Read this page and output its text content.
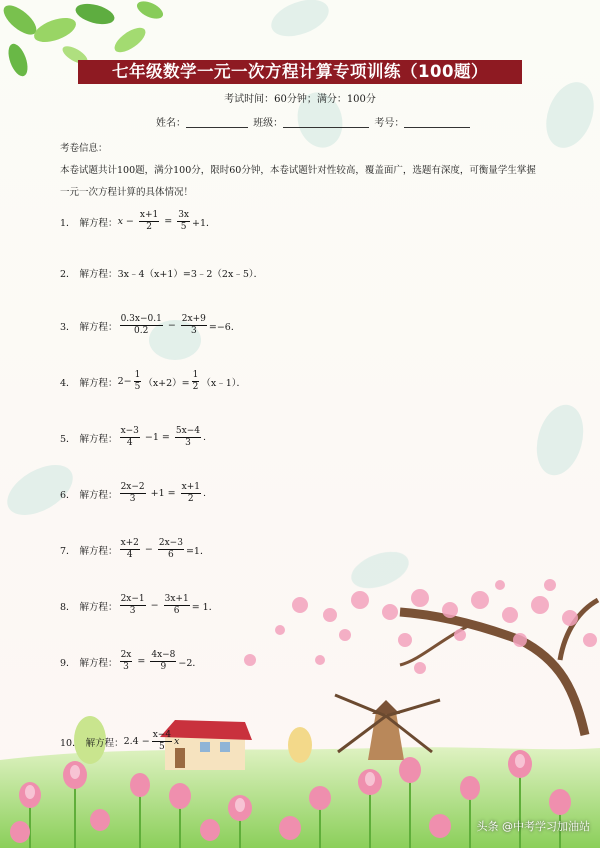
七年级数学一元一次方程计算专项训练（100题）
考试时间：60分钟；满分：100分
姓名：	班级：	考号：
考卷信息：
本卷试题共计100题，满分100分，限时60分钟，本卷试题针对性较高，覆盖面广，选题有深度，可衡量学生掌握一元一次方程计算的具体情况！
1． 解方程： $x - \frac{x+1}{2} = \frac{3x}{5} +1$．
2． 解方程： 3x﹣4（x+1）=3﹣2（2x﹣5）．
3． 解方程： $\frac{0.3x-0.1}{0.2} - \frac{2x+9}{3} =-6$．
4． 解方程： $2- \frac{1}{5} (x+2)= \frac{1}{2}$ （x﹣1）．
5． 解方程： $\frac{x-3}{4} -1 = \frac{5x-4}{3}$ .
6． 解方程： $\frac{2x-2}{3} +1 = \frac{x+1}{2}$ .
7． 解方程： $\frac{x+2}{4} - \frac{2x-3}{6} =1$．
8． 解方程： $\frac{2x-1}{3} - \frac{3x+1}{6} = 1$．
9． 解方程： $\frac{2x}{3} = \frac{4x-8}{9} -2$．
10． 解方程： $2.4 - \frac{x-4}{5}$ x
头条 @中考学习加油站
